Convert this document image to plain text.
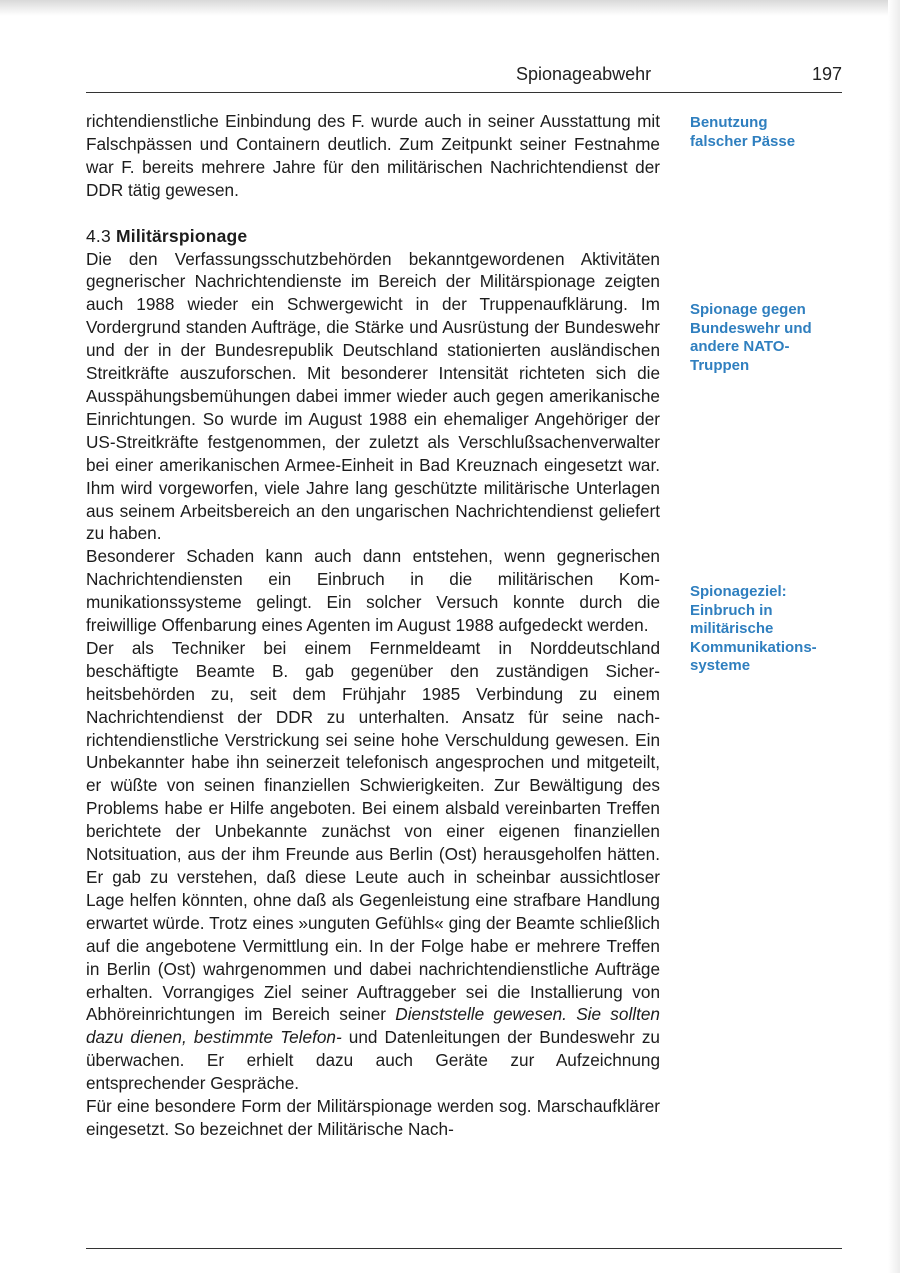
Spionageabwehr	197

richtendienstliche Einbindung des F. wurde auch in seiner Ausstattung mit Falschpässen und Containern deutlich. Zum Zeitpunkt seiner Festnahme war F. bereits mehrere Jahre für den militärischen Nachrichtendienst der DDR tätig gewesen.

4.3 Militärspionage

Die den Verfassungsschutzbehörden bekanntgewordenen Aktivitäten gegnerischer Nachrichtendienste im Bereich der Militärspionage zeigten auch 1988 wieder ein Schwergewicht in der Truppenaufklärung. Im Vordergrund standen Aufträge, die Stärke und Ausrüstung der Bundeswehr und der in der Bundesrepublik Deutschland stationierten ausländischen Streitkräfte auszuforschen. Mit besonderer Intensität richteten sich die Ausspähungsbemühungen dabei immer wieder auch gegen amerikanische Einrichtungen. So wurde im August 1988 ein ehemaliger Angehöriger der US-Streitkräfte festgenommen, der zuletzt als Verschlußsachenverwalter bei einer amerikanischen Armee-Einheit in Bad Kreuznach eingesetzt war. Ihm wird vorgeworfen, viele Jahre lang geschützte militärische Unterlagen aus seinem Arbeitsbereich an den ungarischen Nachrichtendienst geliefert zu haben.

Besonderer Schaden kann auch dann entstehen, wenn gegnerischen Nachrichtendiensten ein Einbruch in die militärischen Kommunikationssysteme gelingt. Ein solcher Versuch konnte durch die freiwillige Offenbarung eines Agenten im August 1988 aufgedeckt werden.

Der als Techniker bei einem Fernmeldeamt in Norddeutschland beschäftigte Beamte B. gab gegenüber den zuständigen Sicherheitsbehörden zu, seit dem Frühjahr 1985 Verbindung zu einem Nachrichtendienst der DDR zu unterhalten. Ansatz für seine nachrichtendienstliche Verstrickung sei seine hohe Verschuldung gewesen. Ein Unbekannter habe ihn seinerzeit telefonisch angesprochen und mitgeteilt, er wüßte von seinen finanziellen Schwierigkeiten. Zur Bewältigung des Problems habe er Hilfe angeboten. Bei einem alsbald vereinbarten Treffen berichtete der Unbekannte zunächst von einer eigenen finanziellen Notsituation, aus der ihm Freunde aus Berlin (Ost) herausgeholfen hätten. Er gab zu verstehen, daß diese Leute auch in scheinbar aussichtloser Lage helfen könnten, ohne daß als Gegenleistung eine strafbare Handlung erwartet würde. Trotz eines »unguten Gefühls« ging der Beamte schließlich auf die angebotene Vermittlung ein. In der Folge habe er mehrere Treffen in Berlin (Ost) wahrgenommen und dabei nachrichtendienstliche Aufträge erhalten. Vorrangiges Ziel seiner Auftraggeber sei die Installierung von Abhöreinrichtungen im Bereich seiner Dienststelle gewesen. Sie sollten dazu dienen, bestimmte Telefon- und Datenleitungen der Bundeswehr zu überwachen. Er erhielt dazu auch Geräte zur Aufzeichnung entsprechender Gespräche.

Für eine besondere Form der Militärspionage werden sog. Marschaufklärer eingesetzt. So bezeichnet der Militärische Nach-

Benutzung falscher Pässe
Spionage gegen Bundeswehr und andere NATO-Truppen
Spionageziel: Einbruch in militärische Kommunikations-systeme
